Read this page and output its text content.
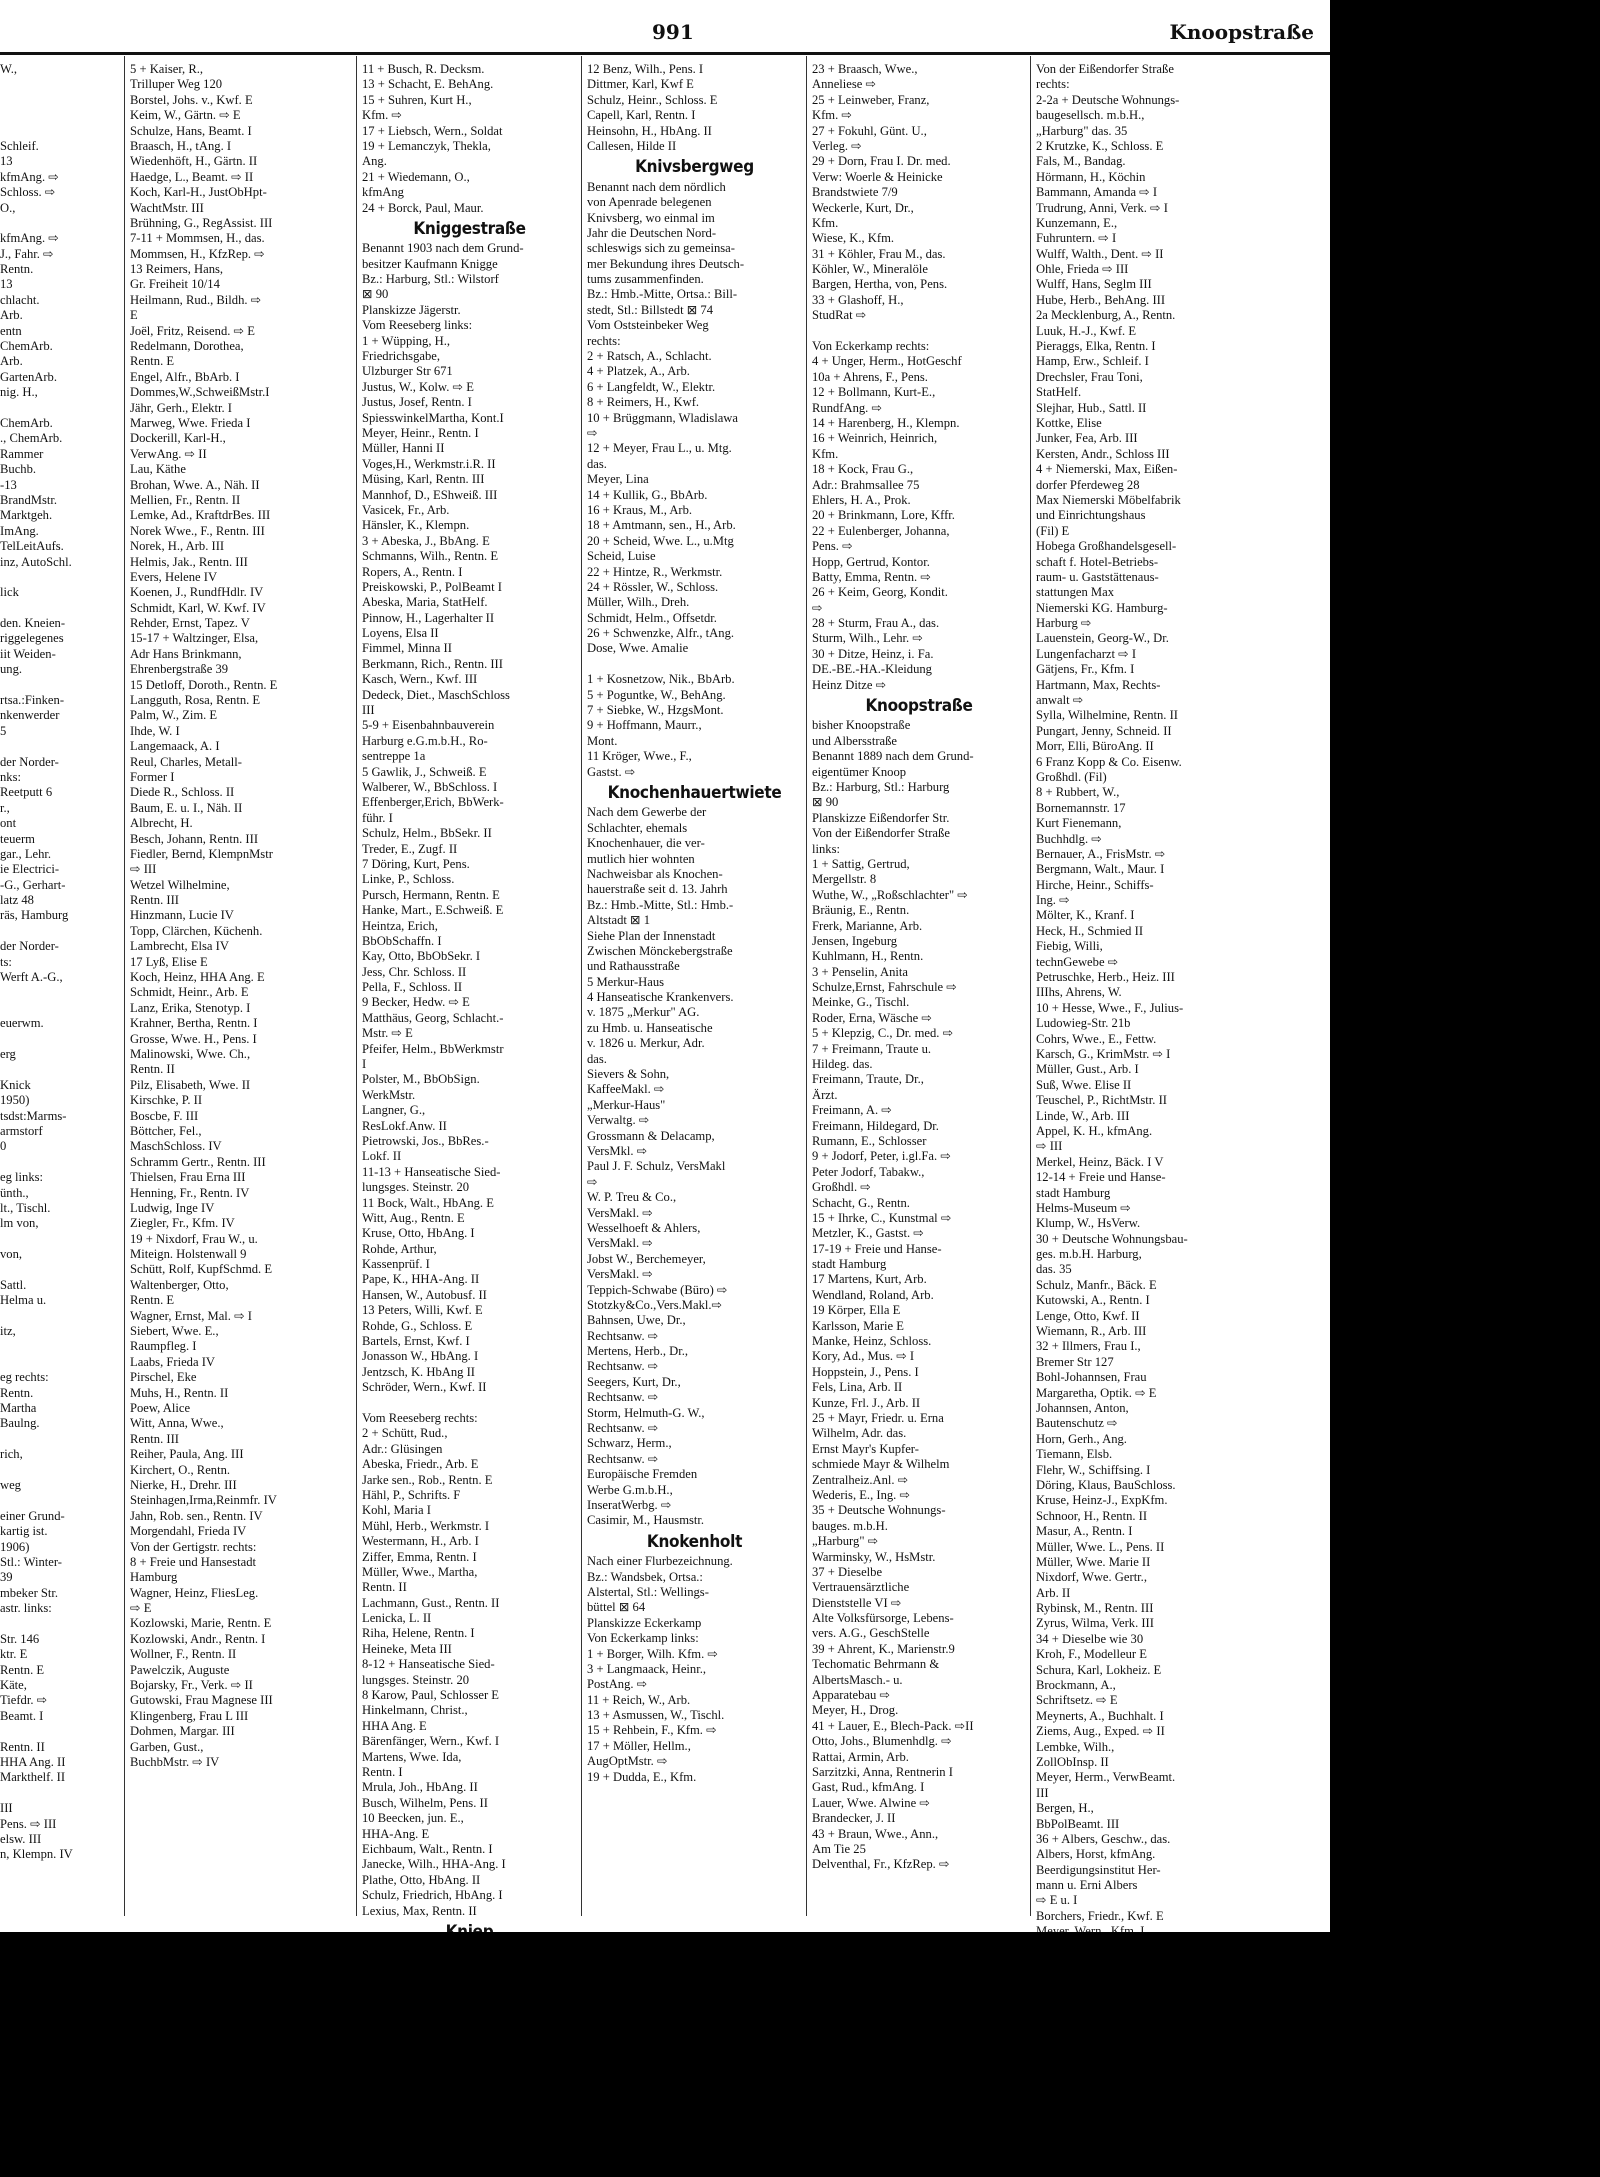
991	Knoopstraße
W.,
Schleif.
13
kfmAng. ⇨
Schloss. ⇨
O.,
kfmAng. ⇨
J., Fahr. ⇨
Rentn.
13
chlacht.
Arb.
entn
ChemArb.
Arb.
GartenArb.
nig. H.,
ChemArb.
., ChemArb.
Rammer
Buchb.
-13
BrandMstr.
Marktgeh.
ImAng.
TelLeitAufs.
inz, AutoSchl.
lick
den. Kneien-
riggelegenes
iit Weiden-
ung.
rtsa.:Finken-
nkenwerder
5
der Norder-
nks:
Reetputt 6
r.,
ont
teuerm
gar., Lehr.
ie Electrici-
-G., Gerhart-
latz 48
räs, Hamburg
der Norder-
ts:
Werft A.-G.,
euerwm.
erg
Knick
1950)
tsdst:Marms-
armstorf
0
eg links:
ünth.,
lt., Tischl.
lm von,
von,
Sattl.
Helma u.
itz,
eg rechts:
Rentn.
Martha
Baulng.
rich,
weg
einer Grund-
kartig ist.
1906)
Stl.: Winter-
39
mbeker Str.
astr. links:
Str. 146
ktr. E
Rentn. E
Käte,
Tiefdr. ⇨
Beamt. I
Rentn. II
HHA Ang. II
Markthelf. II
III
Pens. ⇨ III
elsw. III
n, Klempn. IV
5 + Kaiser, R.,
Trilluper Weg 120
Borstel, Johs. v., Kwf. E
Keim, W., Gärtn. ⇨ E
Schulze, Hans, Beamt. I
Braasch, H., tAng. I
Wiedenhöft, H., Gärtn. II
Haedge, L., Beamt. ⇨ II
Koch, Karl-H., JustObHpt-
WachtMstr. III
Brühning, G., RegAssist. III
7-11 + Mommsen, H., das.
Mommsen, H., KfzRep. ⇨
13 Reimers, Hans,
Gr. Freiheit 10/14
Heilmann, Rud., Bildh. ⇨
E
Joël, Fritz, Reisend. ⇨ E
Redelmann, Dorothea,
Rentn. E
Engel, Alfr., BbArb. I
Dommes,W.,SchweißMstr.I
Jähr, Gerh., Elektr. I
Marweg, Wwe. Frieda I
Dockerill, Karl-H.,
VerwAng. ⇨ II
Lau, Käthe
Brohan, Wwe. A., Näh. II
Mellien, Fr., Rentn. II
Lemke, Ad., KraftdrBes. III
Norek Wwe., F., Rentn. III
Norek, H., Arb. III
Helmis, Jak., Rentn. III
Evers, Helene IV
Koenen, J., RundfHdlr. IV
Schmidt, Karl, W. Kwf. IV
Rehder, Ernst, Tapez. V
15-17 + Waltzinger, Elsa,
Adr Hans Brinkmann,
Ehrenbergstraße 39
15 Detloff, Doroth., Rentn. E
Langguth, Rosa, Rentn. E
Palm, W., Zim. E
Ihde, W. I
Langemaack, A. I
Reul, Charles, Metall-
Former I
Diede R., Schloss. II
Baum, E. u. I., Näh. II
Albrecht, H.
Besch, Johann, Rentn. III
Fiedler, Bernd, KlempnMstr
⇨ III
Wetzel Wilhelmine,
Rentn. III
Hinzmann, Lucie IV
Topp, Clärchen, Küchenh.
Lambrecht, Elsa IV
17 Lyß, Elise E
Koch, Heinz, HHA Ang. E
Schmidt, Heinr., Arb. E
Lanz, Erika, Stenotyp. I
Krahner, Bertha, Rentn. I
Grosse, Wwe. H., Pens. I
Malinowski, Wwe. Ch.,
Rentn. II
Pilz, Elisabeth, Wwe. II
Kirschke, P. II
Boscbe, F. III
Böttcher, Fel.,
MaschSchloss. IV
Schramm Gertr., Rentn. III
Thielsen, Frau Erna III
Henning, Fr., Rentn. IV
Ludwig, Inge IV
Ziegler, Fr., Kfm. IV
19 + Nixdorf, Frau W., u.
Miteign. Holstenwall 9
Schütt, Rolf, KupfSchmd. E
Waltenberger, Otto,
Rentn. E
Wagner, Ernst, Mal. ⇨ I
Siebert, Wwe. E.,
Raumpfleg. I
Laabs, Frieda IV
Pirschel, Eke
Muhs, H., Rentn. II
Poew, Alice
Witt, Anna, Wwe.,
Rentn. III
Reiher, Paula, Ang. III
Kirchert, O., Rentn.
Nierke, H., Drehr. III
Steinhagen,Irma,Reinmfr. IV
Jahn, Rob. sen., Rentn. IV
Morgendahl, Frieda IV
Von der Gertigstr. rechts:
8 + Freie und Hansestadt
Hamburg
Wagner, Heinz, FliesLeg.
⇨ E
Kozlowski, Marie, Rentn. E
Kozlowski, Andr., Rentn. I
Wollner, F., Rentn. II
Pawelczik, Auguste
Bojarsky, Fr., Verk. ⇨ II
Gutowski, Frau Magnese III
Klingenberg, Frau L III
Dohmen, Margar. III
Garben, Gust.,
BuchbMstr. ⇨ IV
11 + Busch, R. Decksm.
13 + Schacht, E. BehAng.
15 + Suhren, Kurt H.,
Kfm. ⇨
17 + Liebsch, Wern., Soldat
19 + Lemanczyk, Thekla,
Ang.
21 + Wiedemann, O.,
kfmAng
24 + Borck, Paul, Maur.
Kniggestraße
Benannt 1903 nach dem Grund-
besitzer Kaufmann Knigge
Bz.: Harburg, Stl.: Wilstorf
⊠ 90
Planskizze Jägerstr.
Vom Reeseberg links:
1 + Wüpping, H.,
Friedrichsgabe,
Ulzburger Str 671
Justus, W., Kolw. ⇨ E
Justus, Josef, Rentn. I
SpiesswinkelMartha, Kont.I
Meyer, Heinr., Rentn. I
Müller, Hanni II
Voges,H., Werkmstr.i.R. II
Müsing, Karl, Rentn. III
Mannhof, D., EShweiß. III
Vasicek, Fr., Arb.
Hänsler, K., Klempn.
3 + Abeska, J., BbAng. E
Schmanns, Wilh., Rentn. E
Ropers, A., Rentn. I
Preiskowski, P., PolBeamt I
Abeska, Maria, StatHelf.
Pinnow, H., Lagerhalter II
Loyens, Elsa II
Fimmel, Minna II
Berkmann, Rich., Rentn. III
Kasch, Wern., Kwf. III
Dedeck, Diet., MaschSchloss
III
5-9 + Eisenbahnbauverein
Harburg e.G.m.b.H., Ro-
sentreppe 1a
5 Gawlik, J., Schweiß. E
Walberer, W., BbSchloss. I
Effenberger,Erich, BbWerk-
führ. I
Schulz, Helm., BbSekr. II
Treder, E., Zugf. II
7 Döring, Kurt, Pens.
Linke, P., Schloss.
Pursch, Hermann, Rentn. E
Hanke, Mart., E.Schweiß. E
Heintza, Erich,
BbObSchaffn. I
Kay, Otto, BbObSekr. I
Jess, Chr. Schloss. II
Pella, F., Schloss. II
9 Becker, Hedw. ⇨ E
Matthäus, Georg, Schlacht.-
Mstr. ⇨ E
Pfeifer, Helm., BbWerkmstr
I
Polster, M., BbObSign.
WerkMstr.
Langner, G.,
ResLokf.Anw. II
Pietrowski, Jos., BbRes.-
Lokf. II
11-13 + Hanseatische Sied-
lungsges. Steinstr. 20
11 Bock, Walt., HbAng. E
Witt, Aug., Rentn. E
Kruse, Otto, HbAng. I
Rohde, Arthur,
Kassenprüf. I
Pape, K., HHA-Ang. II
Hansen, W., Autobusf. II
13 Peters, Willi, Kwf. E
Rohde, G., Schloss. E
Bartels, Ernst, Kwf. I
Jonasson W., HbAng. I
Jentzsch, K. HbAng II
Schröder, Wern., Kwf. II
Vom Reeseberg rechts:
2 + Schütt, Rud.,
Adr.: Glüsingen
Abeska, Friedr., Arb. E
Jarke sen., Rob., Rentn. E
Hähl, P., Schrifts. F
Kohl, Maria I
Mühl, Herb., Werkmstr. I
Westermann, H., Arb. I
Ziffer, Emma, Rentn. I
Müller, Wwe., Martha,
Rentn. II
Lachmann, Gust., Rentn. II
Lenicka, L. II
Riha, Helene, Rentn. I
Heineke, Meta III
8-12 + Hanseatische Sied-
lungsges. Steinstr. 20
8 Karow, Paul, Schlosser E
Hinkelmann, Christ.,
HHA Ang. E
Bärenfänger, Wern., Kwf. I
Martens, Wwe. Ida,
Rentn. I
Mrula, Joh., HbAng. II
Busch, Wilhelm, Pens. II
10 Beecken, jun. E.,
HHA-Ang. E
Eichbaum, Walt., Rentn. I
Janecke, Wilh., HHA-Ang. I
Plathe, Otto, HbAng. II
Schulz, Friedrich, HbAng. I
Lexius, Max, Rentn. II
12 Benz, Wilh., Pens. I
Dittmer, Karl, Kwf E
Schulz, Heinr., Schloss. E
Capell, Karl, Rentn. I
Heinsohn, H., HbAng. II
Callesen, Hilde II
Knivsbergweg
Benannt nach dem nördlich
von Apenrade belegenen
Knivsberg, wo einmal im
Jahr die Deutschen Nord-
schleswigs sich zu gemeinsa-
mer Bekundung ihres Deutsch-
tums zusammenfinden.
Bz.: Hmb.-Mitte, Ortsa.: Bill-
stedt, Stl.: Billstedt ⊠ 74
Vom Oststeinbeker Weg
rechts:
2 + Ratsch, A., Schlacht.
4 + Platzek, A., Arb.
6 + Langfeldt, W., Elektr.
8 + Reimers, H., Kwf.
10 + Brüggmann, Wladislawa
⇨
12 + Meyer, Frau L., u. Mtg.
das.
Meyer, Lina
14 + Kullik, G., BbArb.
16 + Kraus, M., Arb.
18 + Amtmann, sen., H., Arb.
20 + Scheid, Wwe. L., u.Mtg
Scheid, Luise
22 + Hintze, R., Werkmstr.
24 + Rössler, W., Schloss.
Müller, Wilh., Dreh.
Schmidt, Helm., Offsetdr.
26 + Schwenzke, Alfr., tAng.
Dose, Wwe. Amalie
1 + Kosnetzow, Nik., BbArb.
5 + Poguntke, W., BehAng.
7 + Siebke, W., HzgsMont.
9 + Hoffmann, Maurr.,
Mont.
11 Kröger, Wwe., F.,
Gastst. ⇨
Knochenhauertwiete
Nach dem Gewerbe der
Schlachter, ehemals
Knochenhauer, die ver-
mutlich hier wohnten
Nachweisbar als Knochen-
hauerstraße seit d. 13. Jahrh
Bz.: Hmb.-Mitte, Stl.: Hmb.-
Altstadt ⊠ 1
Siehe Plan der Innenstadt
Zwischen Mönckebergstraße
und Rathausstraße
5 Merkur-Haus
4 Hanseatische Krankenvers.
v. 1875 „Merkur" AG.
zu Hmb. u. Hanseatische
v. 1826 u. Merkur, Adr.
das.
Sievers & Sohn,
KaffeeMakl. ⇨
„Merkur-Haus"
Verwaltg. ⇨
Grossmann & Delacamp,
VersMkl. ⇨
Paul J. F. Schulz, VersMakl
⇨
W. P. Treu & Co.,
VersMakl. ⇨
Wesselhoeft & Ahlers,
VersMakl. ⇨
Jobst W., Berchemeyer,
VersMakl. ⇨
Teppich-Schwabe (Büro) ⇨
Stotzky&Co.,Vers.Makl.⇨
Bahnsen, Uwe, Dr.,
Rechtsanw. ⇨
Mertens, Herb., Dr.,
Rechtsanw. ⇨
Seegers, Kurt, Dr.,
Rechtsanw. ⇨
Storm, Helmuth-G. W.,
Rechtsanw. ⇨
Schwarz, Herm.,
Rechtsanw. ⇨
Europäische Fremden
Werbe G.m.b.H.,
InseratWerbg. ⇨
Casimir, M., Hausmstr.
Knokenholt
Nach einer Flurbezeichnung.
Bz.: Wandsbek, Ortsa.:
Alstertal, Stl.: Wellings-
büttel ⊠ 64
Planskizze Eckerkamp
Von Eckerkamp links:
1 + Borger, Wilh. Kfm. ⇨
3 + Langmaack, Heinr.,
PostAng. ⇨
11 + Reich, W., Arb.
13 + Asmussen, W., Tischl.
15 + Rehbein, F., Kfm. ⇨
17 + Möller, Hellm.,
AugOptMstr. ⇨
19 + Dudda, E., Kfm.
23 + Braasch, Wwe.,
Anneliese ⇨
25 + Leinweber, Franz,
Kfm. ⇨
27 + Fokuhl, Günt. U.,
Verleg. ⇨
29 + Dorn, Frau I. Dr. med.
Verw: Woerle & Heinicke
Brandstwiete 7/9
Weckerle, Kurt, Dr.,
Kfm.
Wiese, K., Kfm.
31 + Köhler, Frau M., das.
Köhler, W., Mineralöle
Bargen, Hertha, von, Pens.
33 + Glashoff, H.,
StudRat ⇨
Von Eckerkamp rechts:
4 + Unger, Herm., HotGeschf
10a + Ahrens, F., Pens.
12 + Bollmann, Kurt-E.,
RundfAng. ⇨
14 + Harenberg, H., Klempn.
16 + Weinrich, Heinrich,
Kfm.
18 + Kock, Frau G.,
Adr.: Brahmsallee 75
Ehlers, H. A., Prok.
20 + Brinkmann, Lore, Kffr.
22 + Eulenberger, Johanna,
Pens. ⇨
Hopp, Gertrud, Kontor.
Batty, Emma, Rentn. ⇨
26 + Keim, Georg, Kondit.
⇨
28 + Sturm, Frau A., das.
Sturm, Wilh., Lehr. ⇨
30 + Ditze, Heinz, i. Fa.
DE.-BE.-HA.-Kleidung
Heinz Ditze ⇨
Knoopstraße
bisher Knoopstraße
und Albersstraße
Benannt 1889 nach dem Grund-
eigentümer Knoop
Bz.: Harburg, Stl.: Harburg
⊠ 90
Planskizze Eißendorfer Str.
Von der Eißendorfer Straße
links:
1 + Sattig, Gertrud,
Mergellstr. 8
Wuthe, W., „Roßschlachter" ⇨
Bräunig, E., Rentn.
Frerk, Marianne, Arb.
Jensen, Ingeburg
Kuhlmann, H., Rentn.
3 + Penselin, Anita
Schulze,Ernst, Fahrschule ⇨
Meinke, G., Tischl.
Roder, Erna, Wäsche ⇨
5 + Klepzig, C., Dr. med. ⇨
7 + Freimann, Traute u.
Hildeg. das.
Freimann, Traute, Dr.,
Ärzt.
Freimann, A. ⇨
Freimann, Hildegard, Dr.
Rumann, E., Schlosser
9 + Jodorf, Peter, i.gl.Fa. ⇨
Peter Jodorf, Tabakw.,
Großhdl. ⇨
Schacht, G., Rentn.
15 + Ihrke, C., Kunstmal ⇨
Metzler, K., Gastst. ⇨
17-19 + Freie und Hanse-
stadt Hamburg
17 Martens, Kurt, Arb.
Wendland, Roland, Arb.
19 Körper, Ella E
Karlsson, Marie E
Manke, Heinz, Schloss.
Kory, Ad., Mus. ⇨ I
Hoppstein, J., Pens. I
Fels, Lina, Arb. II
Kunze, Frl. J., Arb. II
25 + Mayr, Friedr. u. Erna
Wilhelm, Adr. das.
Ernst Mayr's Kupfer-
schmiede Mayr & Wilhelm
Zentralheiz.Anl. ⇨
Wederis, E., Ing. ⇨
35 + Deutsche Wohnungs-
bauges. m.b.H.
„Harburg" ⇨
Warminsky, W., HsMstr.
37 + Dieselbe
Vertrauensärztliche
Dienststelle VI ⇨
Alte Volksfürsorge, Lebens-
vers. A.G., GeschStelle
39 + Ahrent, K., Marienstr.9
Techomatic Behrmann &
AlbertsMasch.- u.
Apparatebau ⇨
Meyer, H., Drog.
41 + Lauer, E., Blech-Pack. ⇨II
Otto, Johs., Blumenhdlg. ⇨
Rattai, Armin, Arb.
Sarzitzki, Anna, Rentnerin I
Gast, Rud., kfmAng. I
Lauer, Wwe. Alwine ⇨
Brandecker, J. II
43 + Braun, Wwe., Ann.,
Am Tie 25
Delventhal, Fr., KfzRep. ⇨
Von der Eißendorfer Straße
rechts:
2-2a + Deutsche Wohnungs-
baugesellsch. m.b.H.,
„Harburg" das. 35
2 Krutzke, K., Schloss. E
Fals, M., Bandag.
Hörmann, H., Köchin
Bammann, Amanda ⇨ I
Trudrung, Anni, Verk. ⇨ I
Kunzemann, E.,
Fuhruntern. ⇨ I
Wulff, Walth., Dent. ⇨ II
Ohle, Frieda ⇨ III
Wulff, Hans, Seglm III
Hube, Herb., BehAng. III
2a Mecklenburg, A., Rentn.
Luuk, H.-J., Kwf. E
Pieraggs, Elka, Rentn. I
Hamp, Erw., Schleif. I
Drechsler, Frau Toni,
StatHelf.
Slejhar, Hub., Sattl. II
Kottke, Elise
Junker, Fea, Arb. III
Kersten, Andr., Schloss III
4 + Niemerski, Max, Eißen-
dorfer Pferdeweg 28
Max Niemerski Möbelfabrik
und Einrichtungshaus
(Fil) E
Hobega Großhandelsgesell-
schaft f. Hotel-Betriebs-
raum- u. Gaststättenaus-
stattungen Max
Niemerski KG. Hamburg-
Harburg ⇨
Lauenstein, Georg-W., Dr.
Lungenfacharzt ⇨ I
Gätjens, Fr., Kfm. I
Hartmann, Max, Rechts-
anwalt ⇨
Sylla, Wilhelmine, Rentn. II
Pungart, Jenny, Schneid. II
Morr, Elli, BüroAng. II
6 Franz Kopp & Co. Eisenw.
Großhdl. (Fil)
8 + Rubbert, W.,
Bornemannstr. 17
Kurt Fienemann,
Buchhdlg. ⇨
Bernauer, A., FrisMstr. ⇨
Bergmann, Walt., Maur. I
Hirche, Heinr., Schiffs-
Ing. ⇨
Mölter, K., Kranf. I
Heck, H., Schmied II
Fiebig, Willi,
technGewebe ⇨
Petruschke, Herb., Heiz. III
IIIhs, Ahrens, W.
10 + Hesse, Wwe., F., Julius-
Ludowieg-Str. 21b
Cohrs, Wwe., E., Fettw.
Karsch, G., KrimMstr. ⇨ I
Müller, Gust., Arb. I
Suß, Wwe. Elise II
Teuschel, P., RichtMstr. II
Linde, W., Arb. III
Appel, K. H., kfmAng.
⇨ III
Merkel, Heinz, Bäck. I V
12-14 + Freie und Hanse-
stadt Hamburg
Helms-Museum ⇨
Klump, W., HsVerw.
30 + Deutsche Wohnungsbau-
ges. m.b.H. Harburg,
das. 35
Schulz, Manfr., Bäck. E
Kutowski, A., Rentn. I
Lenge, Otto, Kwf. II
Wiemann, R., Arb. III
32 + Illmers, Frau I.,
Bremer Str 127
Bohl-Johannsen, Frau
Margaretha, Optik. ⇨ E
Johannsen, Anton,
Bautenschutz ⇨
Horn, Gerh., Ang.
Tiemann, Elsb.
Flehr, W., Schiffsing. I
Döring, Klaus, BauSchloss.
Kruse, Heinz-J., ExpKfm.
Schnoor, H., Rentn. II
Masur, A., Rentn. I
Müller, Wwe. L., Pens. II
Müller, Wwe. Marie II
Nixdorf, Wwe. Gertr.,
Arb. II
Rybinsk, M., Rentn. III
Zyrus, Wilma, Verk. III
34 + Dieselbe wie 30
Kroh, F., Modelleur E
Schura, Karl, Lokheiz. E
Brockmann, A.,
Schriftsetz. ⇨ E
Meynerts, A., Buchhalt. I
Ziems, Aug., Exped. ⇨ II
Lembke, Wilh.,
ZollObInsp. II
Meyer, Herm., VerwBeamt.
III
Bergen, H.,
BbPolBeamt. III
36 + Albers, Geschw., das.
Albers, Horst, kfmAng.
Beerdigungsinstitut Her-
mann u. Erni Albers
⇨ E u. I
Borchers, Friedr., Kwf. E
